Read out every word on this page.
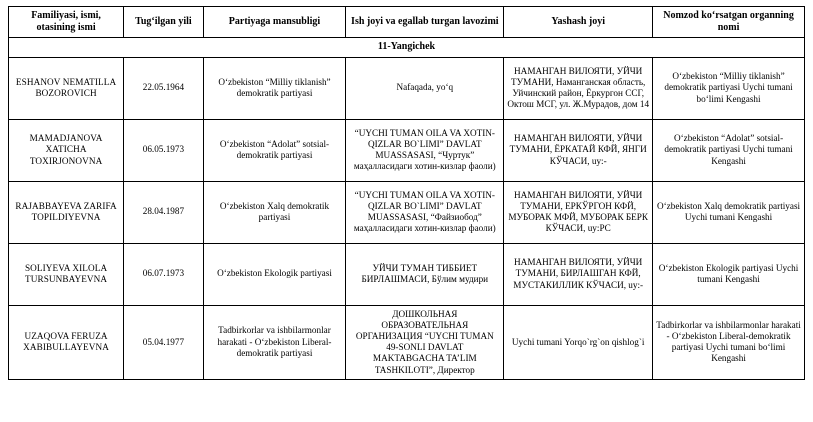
Familiyasi, ismi, otasining ismi	Tug‘ilgan yili	Partiyaga mansubligi	Ish joyi va egallab turgan lavozimi	Yashash joyi	Nomzod ko‘rsatgan organning nomi
11-Yangichek					
ESHANOV NEMATILLA BOZOROVICH	22.05.1964	O‘zbekiston “Milliy tiklanish” demokratik partiyasi	Nafaqada, yo‘q	НАМАНГАН ВИЛОЯТИ, УЙЧИ ТУМАНИ, Наманганская область, Уйчинский район, Ёркургон ССГ, Октош МСГ, ул. Ж.Мурадов, дом 14	O‘zbekiston “Milliy tiklanish” demokratik partiyasi Uychi tumani bo‘limi Kengashi
MAMADJANOVA XATICHA TOXIRJONOVNA	06.05.1973	O‘zbekiston “Adolat” sotsial-demokratik partiyasi	“UYCHI TUMAN OILA VA XOTIN-QIZLAR BO`LIMI” DAVLAT MUASSASASI, “Чуртук” маҳалласидаги хотин-кизлар фаоли)	НАМАНГАН ВИЛОЯТИ, УЙЧИ ТУМАНИ, ЁРКАТАЙ КФЙ, ЯНГИ КЎЧАСИ, uy:-	O‘zbekiston “Adolat” sotsial-demokratik partiyasi Uychi tumani Kengashi
RAJABBAYEVA ZARIFA TOPILDIYEVNA	28.04.1987	O‘zbekiston Xalq demokratik partiyasi	“UYCHI TUMAN OILA VA XOTIN-QIZLAR BO`LIMI” DAVLAT MUASSASASI, “Файзиобод” маҳалласидаги хотин-кизлар фаоли)	НАМАНГАН ВИЛОЯТИ, УЙЧИ ТУМАНИ, ЕРКЎРГОН КФЙ, МУБОРАК МФЙ, МУБОРАК БЕРК КЎЧАСИ, uy:РС	O‘zbekiston Xalq demokratik partiyasi Uychi tumani Kengashi
SOLIYEVA XILOLA TURSUNBAYEVNA	06.07.1973	O‘zbekiston Ekologik partiyasi	УЙЧИ ТУМАН ТИББИЕТ БИРЛАШМАСИ, Бўлим мудири	НАМАНГАН ВИЛОЯТИ, УЙЧИ ТУМАНИ, БИРЛАШГАН КФЙ, МУСТАКИЛЛИК КЎЧАСИ, uy:-	O‘zbekiston Ekologik partiyasi Uychi tumani Kengashi
UZAQOVA FERUZA XABIBULLAYEVNA	05.04.1977	Tadbirkorlar va ishbilarmonlar harakati - O‘zbekiston Liberal-demokratik partiyasi	ДОШКОЛЬНАЯ ОБРАЗОВАТЕЛЬНАЯ ОРГАНИЗАЦИЯ “UYCHI TUMAN 49-SONLI DAVLAT MAKTABGACHA TA’LIM TASHKILOTI”, Директор	Uychi tumani Yorqo`rg`on qishlog`i	Tadbirkorlar va ishbilarmonlar harakati - O‘zbekiston Liberal-demokratik partiyasi Uychi tumani bo‘limi Kengashi
